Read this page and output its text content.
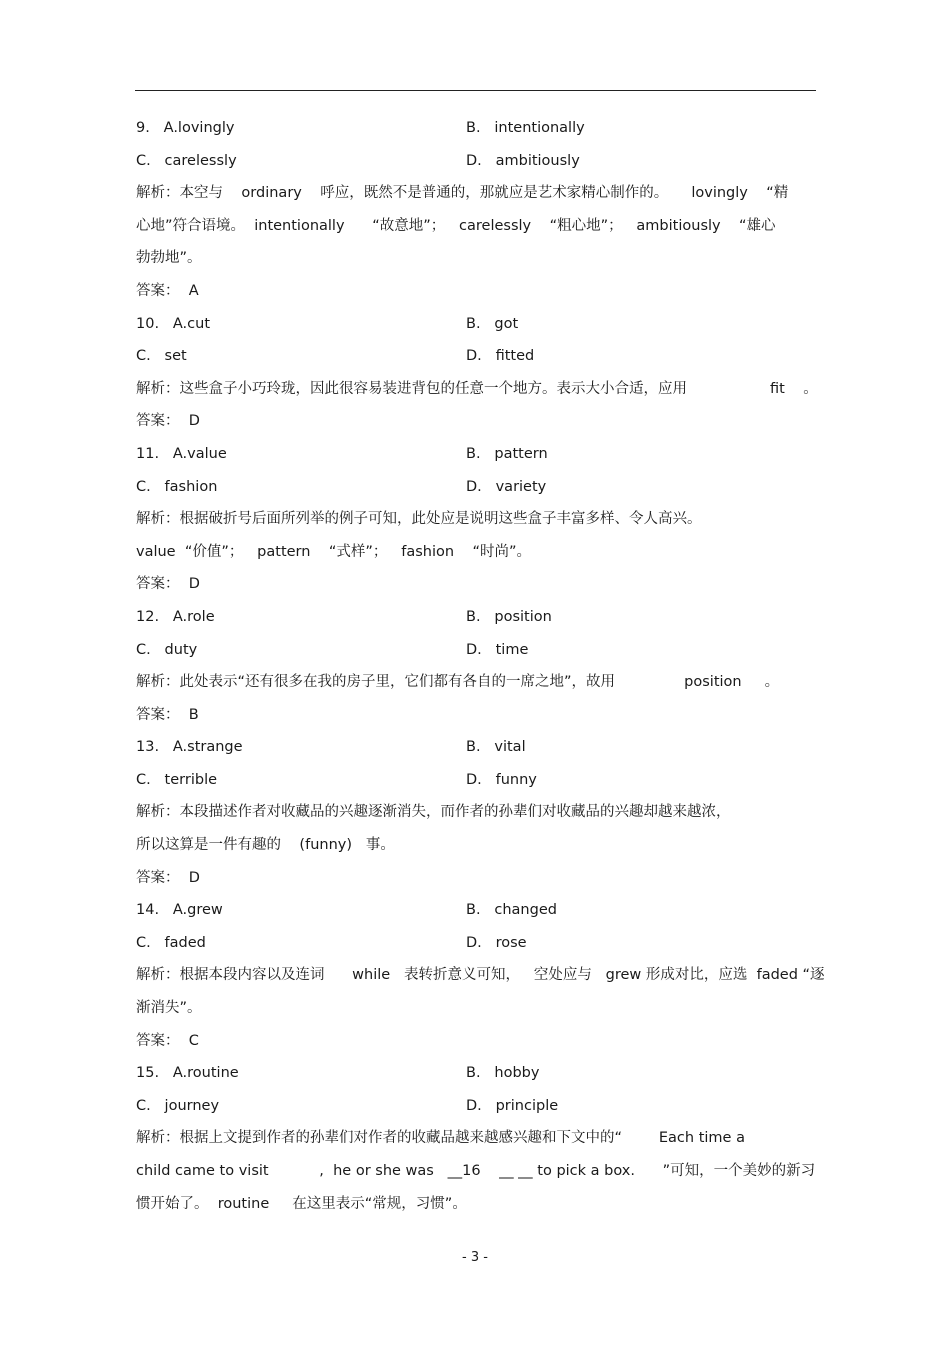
9.   A.lovingly	B.   intentionally
C.   carelessly	D.   ambitiously
解析：本空与    ordinary    呼应，既然不是普通的，那就应是艺术家精心制作的。     lovingly    “精
心地”符合语境。  intentionally      “故意地”；   carelessly    “粗心地”；   ambitiously    “雄心
勃勃地”。
答案：  A
10.   A.cut	B.   got
C.   set	D.   fitted
解析：这些盒子小巧玲珑，因此很容易装进背包的任意一个地方。表示大小合适，应用                  fit    。
答案：  D
11.   A.value	B.   pattern
C.   fashion	D.   variety
解析：根据破折号后面所列举的例子可知，此处应是说明这些盒子丰富多样、令人高兴。
value  “价值”；   pattern    “式样”；   fashion    “时尚”。
答案：  D
12.   A.role	B.   position
C.   duty	D.   time
解析：此处表示“还有很多在我的房子里，它们都有各自的一席之地”，故用               position     。
答案：  B
13.   A.strange	B.   vital
C.   terrible	D.   funny
解析：本段描述作者对收藏品的兴趣逐渐消失，而作者的孙辈们对收藏品的兴趣却越来越浓，
所以这算是一件有趣的    (funny)   事。
答案：  D
14.   A.grew	B.   changed
C.   faded	D.   rose
解析：根据本段内容以及连词      while   表转折意义可知，   空处应与   grew 形成对比，应选  faded “逐
渐消失”。
答案：  C
15.   A.routine	B.   hobby
C.   journey	D.   principle
解析：根据上文提到作者的孙辈们对作者的收藏品越来越感兴趣和下文中的“        Each time a
child came to visit           ,  he or she was   __16    __ __ to pick a box.      ”可知，一个美妙的新习
惯开始了。  routine     在这里表示“常规，习惯”。
- 3 -
